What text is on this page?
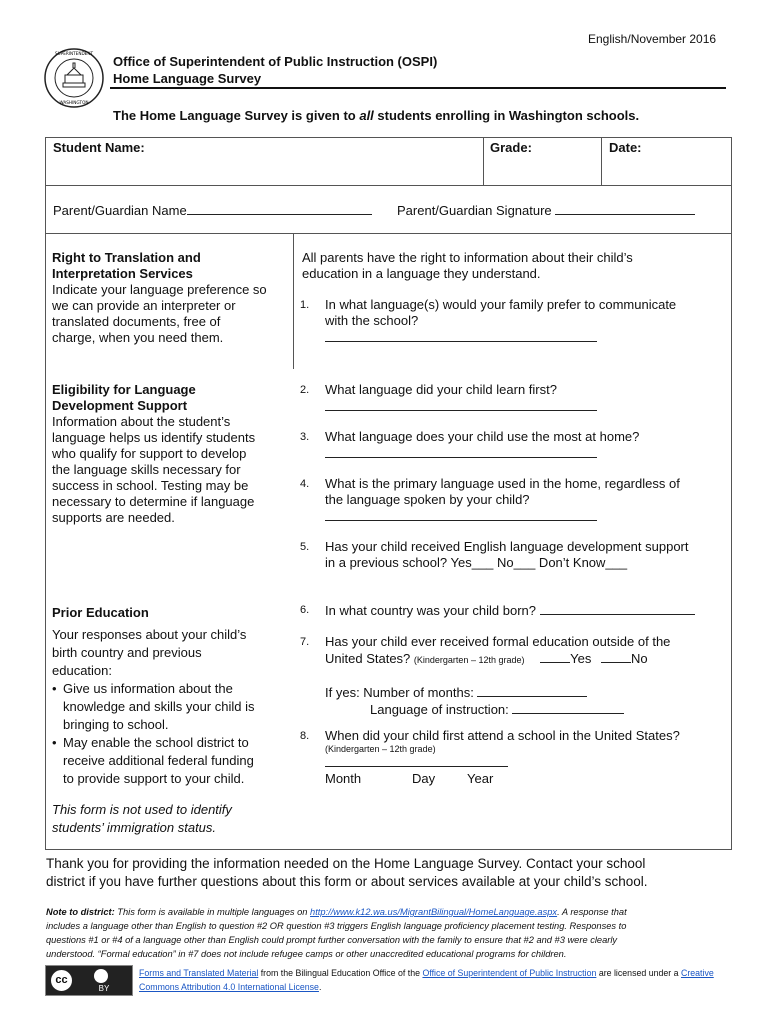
English/November 2016
SUPERINTENDENT
WASHINGTON
Office of Superintendent of Public Instruction (OSPI)
Home Language Survey
The Home Language Survey is given to all students enrolling in Washington schools.
Student Name:	Grade:	Date:
Parent/Guardian Name	Parent/Guardian Signature
Right to Translation and
Interpretation Services
Indicate your language preference so
we can provide an interpreter or
translated documents, free of
charge, when you need them.
All parents have the right to information about their child’s
education in a language they understand.
1. In what language(s) would your family prefer to communicate
with the school?
Eligibility for Language
Development Support
Information about the student’s
language helps us identify students
who qualify for support to develop
the language skills necessary for
success in school. Testing may be
necessary to determine if language
supports are needed.
2. What language did your child learn first?
3. What language does your child use the most at home?
4. What is the primary language used in the home, regardless of
the language spoken by your child?
5. Has your child received English language development support
in a previous school? Yes___ No___ Don’t Know___
Prior Education
Your responses about your child’s
birth country and previous
education:
• Give us information about the
knowledge and skills your child is
bringing to school.
• May enable the school district to
receive additional federal funding
to provide support to your child.
This form is not used to identify
students’ immigration status.
6. In what country was your child born?
7. Has your child ever received formal education outside of the
United States? (Kindergarten – 12th grade)	Yes	No
If yes: Number of months:
Language of instruction:
8. When did your child first attend a school in the United States?
(Kindergarten – 12th grade)
Month	Day Year
Thank you for providing the information needed on the Home Language Survey. Contact your school
district if you have further questions about this form or about services available at your child’s school.
Note to district: This form is available in multiple languages on http://www.k12.wa.us/MigrantBilingual/HomeLanguage.aspx. A response that
includes a language other than English to question #2 OR question #3 triggers English language proficiency placement testing. Responses to
questions #1 or #4 of a language other than English could prompt further conversation with the family to ensure that #2 and #3 were clearly
understood. “Formal education” in #7 does not include refugee camps or other unaccredited educational programs for children.
cc
BY
Forms and Translated Material from the Bilingual Education Office of the Office of Superintendent of Public Instruction are licensed under a Creative
Commons Attribution 4.0 International License.
